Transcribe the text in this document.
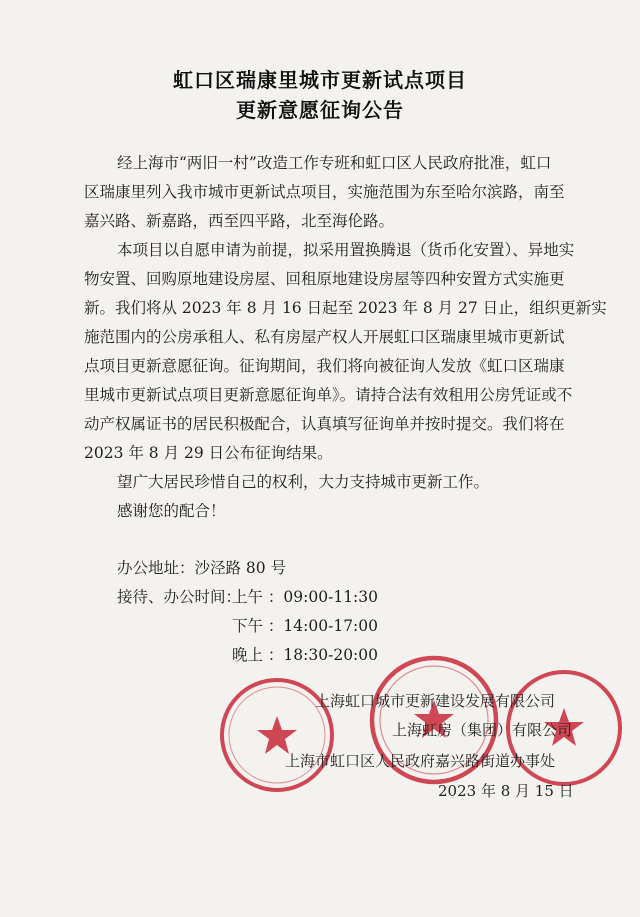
虹口区瑞康里城市更新试点项目
更新意愿征询公告
经上海市“两旧一村”改造工作专班和虹口区人民政府批准，虹口
区瑞康里列入我市城市更新试点项目，实施范围为东至哈尔滨路，南至
嘉兴路、新嘉路，西至四平路，北至海伦路。
本项目以自愿申请为前提，拟采用置换腾退（货币化安置）、异地实
物安置、回购原地建设房屋、回租原地建设房屋等四种安置方式实施更
新。我们将从 2023 年 8 月 16 日起至 2023 年 8 月 27 日止，组织更新实
施范围内的公房承租人、私有房屋产权人开展虹口区瑞康里城市更新试
点项目更新意愿征询。征询期间，我们将向被征询人发放《虹口区瑞康
里城市更新试点项目更新意愿征询单》。请持合法有效租用公房凭证或不
动产权属证书的居民积极配合，认真填写征询单并按时提交。我们将在
2023 年 8 月 29 日公布征询结果。
望广大居民珍惜自己的权利，大力支持城市更新工作。
感谢您的配合！
办公地址：沙泾路 80 号
接待、办公时间：
上午 ：09:00-11:30
下午 ：14:00-17:00
晚上 ：18:30-20:00
上海虹口城市更新建设发展有限公司
上海虹房（集团）有限公司
上海市虹口区人民政府嘉兴路街道办事处
2023 年 8 月 15 日
